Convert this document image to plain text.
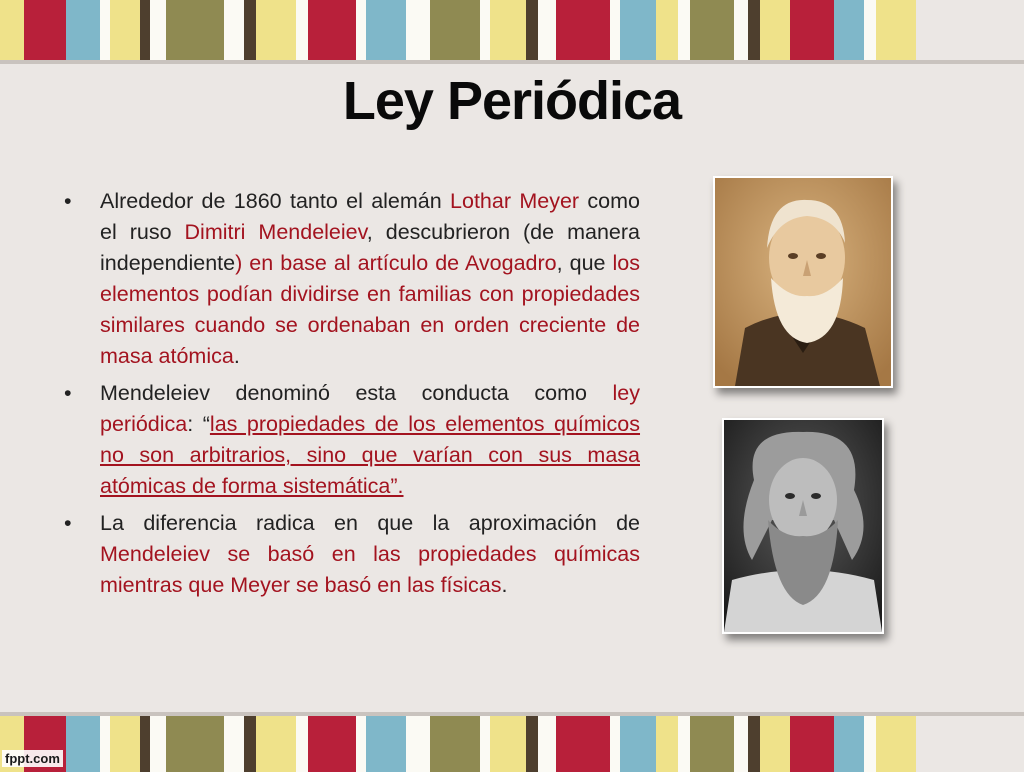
Ley Periódica
• Alrededor de 1860 tanto el alemán Lothar Meyer como el ruso Dimitri Mendeleiev, descubrieron (de manera independiente) en base al artículo de Avogadro, que los elementos podían dividirse en familias con propiedades similares cuando se ordenaban en orden creciente de masa atómica.
• Mendeleiev denominó esta conducta como ley periódica: “las propiedades de los elementos químicos no son arbitrarios, sino que varían con sus masa atómicas de forma sistemática”.
• La diferencia radica en que la aproximación de Mendeleiev se basó en las propiedades químicas mientras que Meyer se basó en las físicas.
fppt.com
